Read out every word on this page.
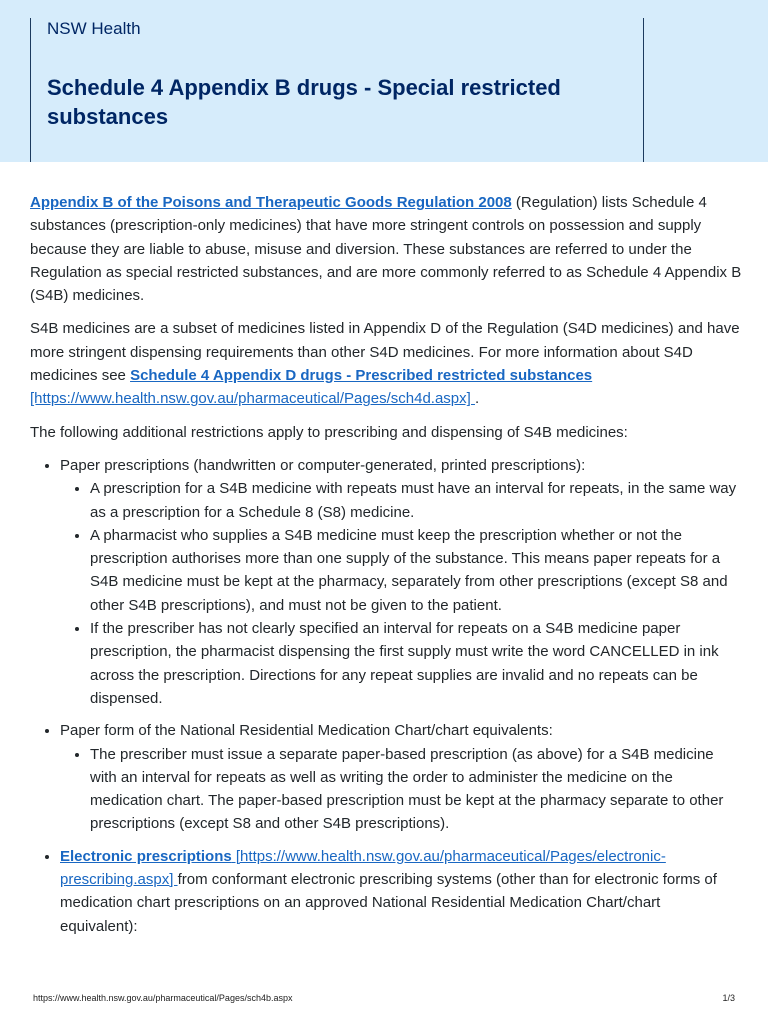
NSW Health
Schedule 4 Appendix B drugs - Special restricted substances

Appendix B of the Poisons and Therapeutic Goods Regulation 2008 (Regulation) lists Schedule 4 substances (prescription-only medicines) that have more stringent controls on possession and supply because they are liable to abuse, misuse and diversion. These substances are referred to under the Regulation as special restricted substances, and are more commonly referred to as Schedule 4 Appendix B (S4B) medicines.

S4B medicines are a subset of medicines listed in Appendix D of the Regulation (S4D medicines) and have more stringent dispensing requirements than other S4D medicines. For more information about S4D medicines see Schedule 4 Appendix D drugs - Prescribed restricted substances
[https://www.health.nsw.gov.au/pharmaceutical/Pages/sch4d.aspx] .

The following additional restrictions apply to prescribing and dispensing of S4B medicines:

• Paper prescriptions (handwritten or computer-generated, printed prescriptions):
• A prescription for a S4B medicine with repeats must have an interval for repeats, in the same way as a prescription for a Schedule 8 (S8) medicine.
• A pharmacist who supplies a S4B medicine must keep the prescription whether or not the prescription authorises more than one supply of the substance. This means paper repeats for a S4B medicine must be kept at the pharmacy, separately from other prescriptions (except S8 and other S4B prescriptions), and must not be given to the patient.
• If the prescriber has not clearly specified an interval for repeats on a S4B medicine paper prescription, the pharmacist dispensing the first supply must write the word CANCELLED in ink across the prescription. Directions for any repeat supplies are invalid and no repeats can be dispensed.
• Paper form of the National Residential Medication Chart/chart equivalents:
• The prescriber must issue a separate paper-based prescription (as above) for a S4B medicine with an interval for repeats as well as writing the order to administer the medicine on the medication chart. The paper-based prescription must be kept at the pharmacy separate to other prescriptions (except S8 and other S4B prescriptions).
• Electronic prescriptions [https://www.health.nsw.gov.au/pharmaceutical/Pages/electronic-prescribing.aspx] from conformant electronic prescribing systems (other than for electronic forms of medication chart prescriptions on an approved National Residential Medication Chart/chart equivalent):
https://www.health.nsw.gov.au/pharmaceutical/Pages/sch4b.aspx	1/3
